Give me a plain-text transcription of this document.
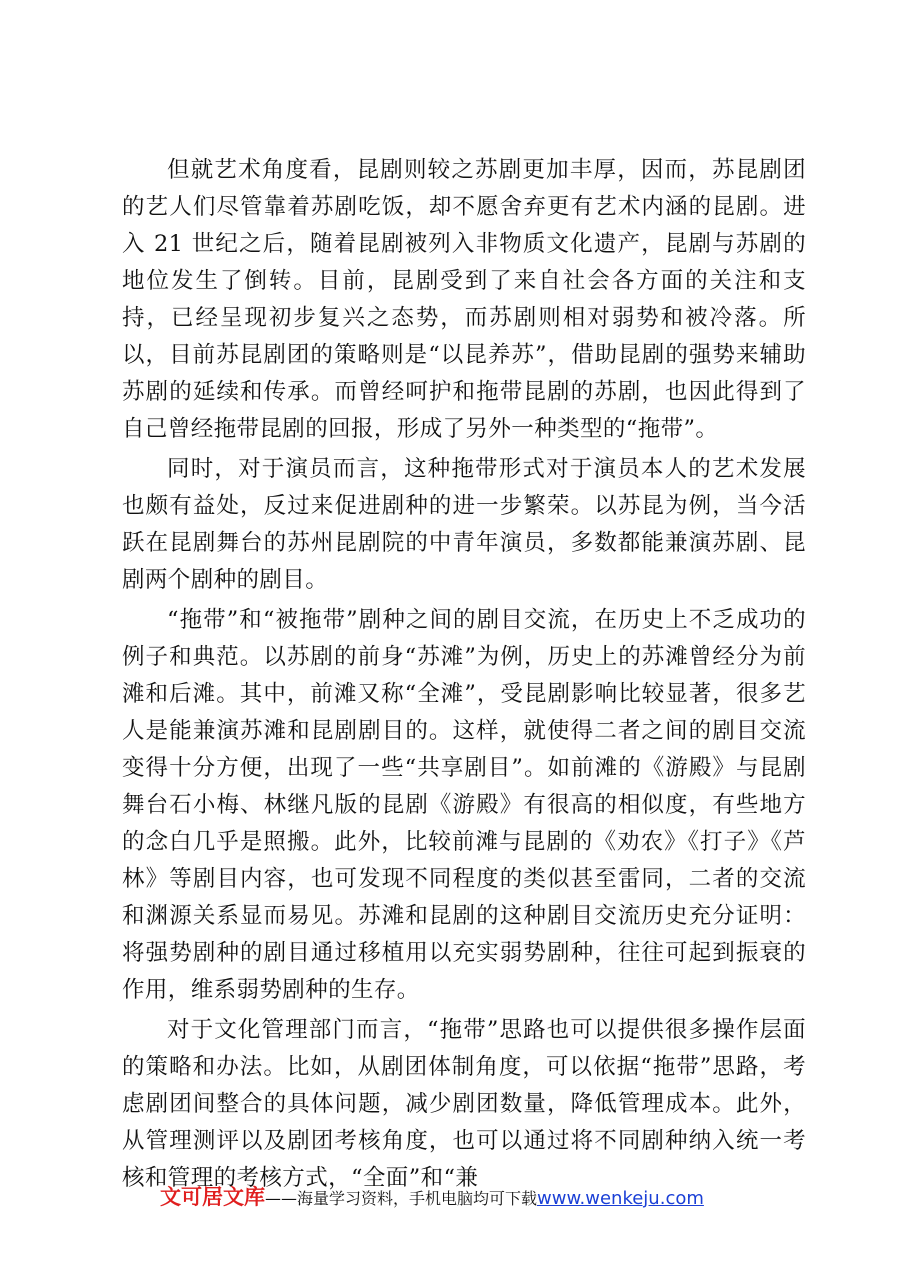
但就艺术角度看，昆剧则较之苏剧更加丰厚，因而，苏昆剧团的艺人们尽管靠着苏剧吃饭，却不愿舍弃更有艺术内涵的昆剧。进入 21 世纪之后，随着昆剧被列入非物质文化遗产，昆剧与苏剧的地位发生了倒转。目前，昆剧受到了来自社会各方面的关注和支持，已经呈现初步复兴之态势，而苏剧则相对弱势和被冷落。所以，目前苏昆剧团的策略则是“以昆养苏”，借助昆剧的强势来辅助苏剧的延续和传承。而曾经呵护和拖带昆剧的苏剧，也因此得到了自己曾经拖带昆剧的回报，形成了另外一种类型的“拖带”。

同时，对于演员而言，这种拖带形式对于演员本人的艺术发展也颇有益处，反过来促进剧种的进一步繁荣。以苏昆为例，当今活跃在昆剧舞台的苏州昆剧院的中青年演员，多数都能兼演苏剧、昆剧两个剧种的剧目。

“拖带”和“被拖带”剧种之间的剧目交流，在历史上不乏成功的例子和典范。以苏剧的前身“苏滩”为例，历史上的苏滩曾经分为前滩和后滩。其中，前滩又称“全滩”，受昆剧影响比较显著，很多艺人是能兼演苏滩和昆剧剧目的。这样，就使得二者之间的剧目交流变得十分方便，出现了一些“共享剧目”。如前滩的《游殿》与昆剧舞台石小梅、林继凡版的昆剧《游殿》有很高的相似度，有些地方的念白几乎是照搬。此外，比较前滩与昆剧的《劝农》《打子》《芦林》等剧目内容，也可发现不同程度的类似甚至雷同，二者的交流和渊源关系显而易见。苏滩和昆剧的这种剧目交流历史充分证明：将强势剧种的剧目通过移植用以充实弱势剧种，往往可起到振衰的作用，维系弱势剧种的生存。

对于文化管理部门而言，“拖带”思路也可以提供很多操作层面的策略和办法。比如，从剧团体制角度，可以依据“拖带”思路，考虑剧团间整合的具体问题，减少剧团数量，降低管理成本。此外，从管理测评以及剧团考核角度，也可以通过将不同剧种纳入统一考核和管理的考核方式，“全面”和“兼

文可居文库——海量学习资料，手机电脑均可下载www.wenkeju.com
